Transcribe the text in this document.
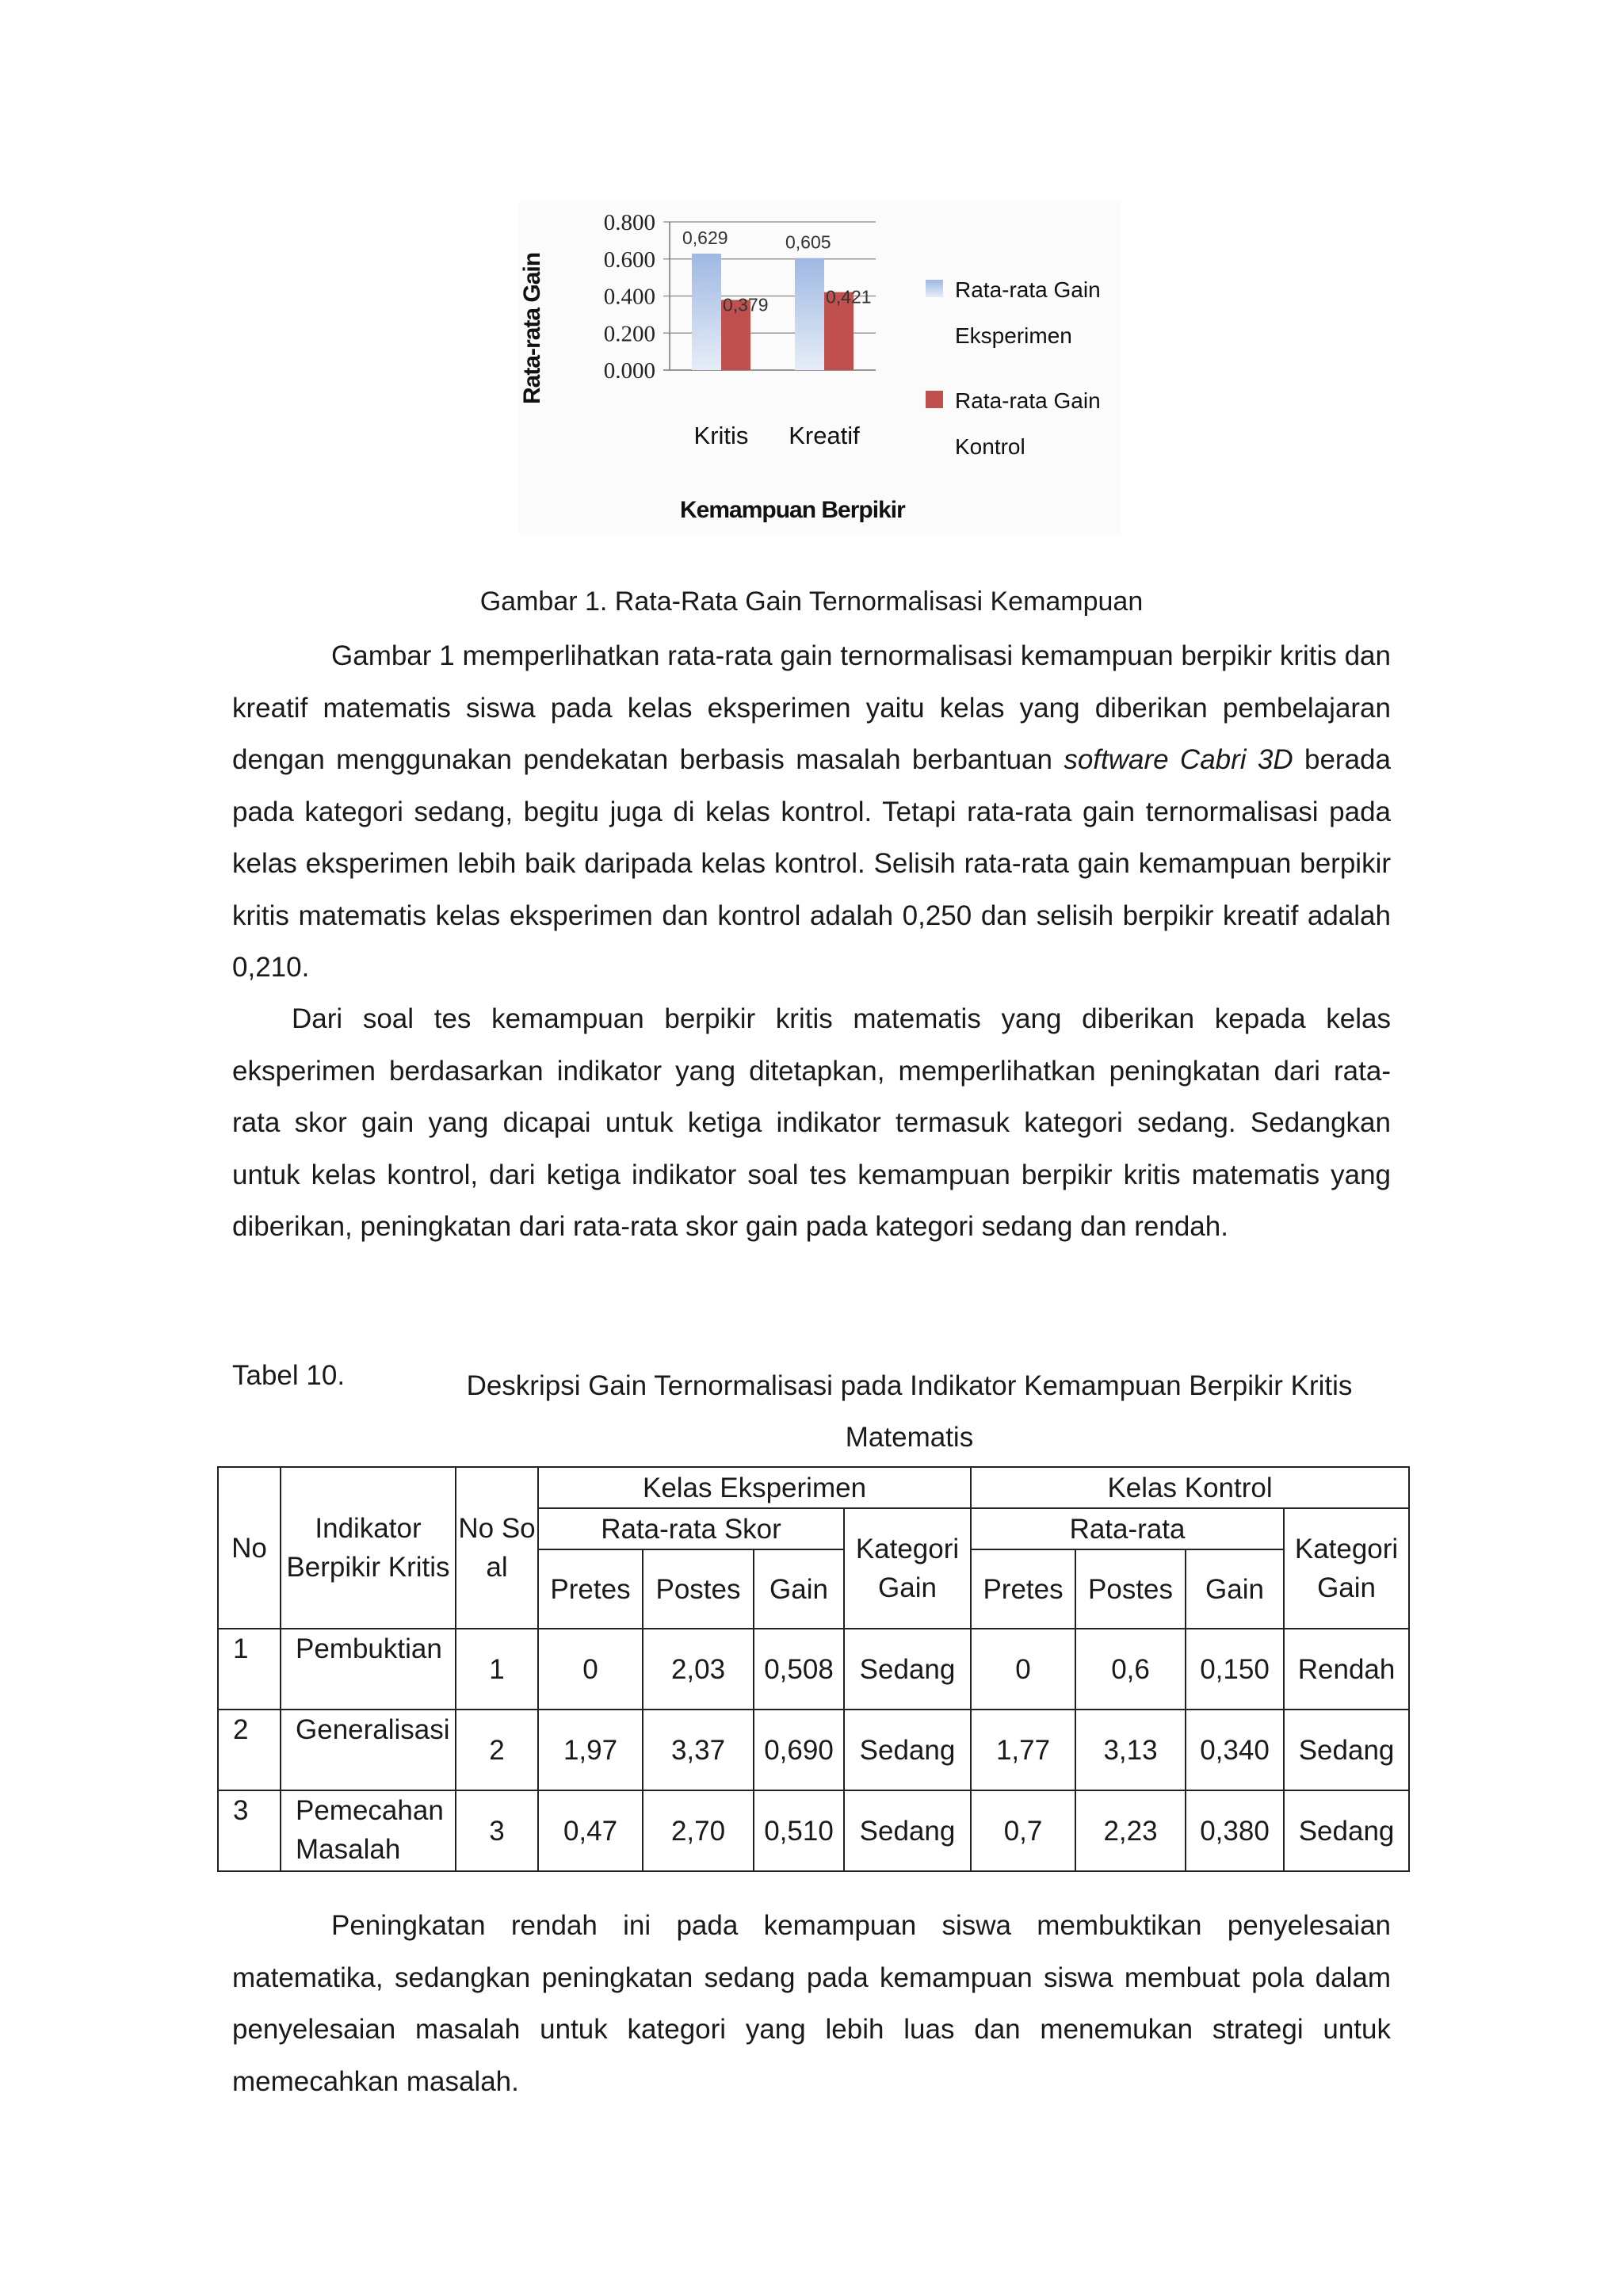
0.000
0.200
0.400
0.600
0.800
0,629
0,379
0,605
0,421
Kritis Kreatif
Rata-rata Gain
Kemampuan Berpikir
Rata-rata Gain
Eksperimen
Rata-rata Gain
Kontrol
Gambar 1. Rata-Rata Gain Ternormalisasi Kemampuan
Gambar 1 memperlihatkan rata-rata gain ternormalisasi kemampuan berpikir kritis dan kreatif matematis siswa pada kelas eksperimen yaitu kelas yang diberikan pembelajaran dengan menggunakan pendekatan berbasis masalah berbantuan software Cabri 3D berada pada kategori sedang, begitu juga di kelas kontrol. Tetapi rata-rata gain ternormalisasi pada kelas eksperimen lebih baik daripada kelas kontrol. Selisih rata-rata gain kemampuan berpikir kritis matematis kelas eksperimen dan kontrol adalah 0,250 dan selisih berpikir kreatif adalah 0,210.
Dari soal tes kemampuan berpikir kritis matematis yang diberikan kepada kelas eksperimen berdasarkan indikator yang ditetapkan, memperlihatkan peningkatan dari rata-rata skor gain yang dicapai untuk ketiga indikator termasuk kategori sedang. Sedangkan untuk kelas kontrol, dari ketiga indikator soal tes kemampuan berpikir kritis matematis yang diberikan, peningkatan dari rata-rata skor gain pada kategori sedang dan rendah.
Tabel 10.	Deskripsi Gain Ternormalisasi pada Indikator Kemampuan Berpikir Kritis Matematis
No	Indikator Berpikir Kritis	No Soal	Kelas Eksperimen				Kelas Kontrol			
			Rata-rata Skor			Kategori Gain	Rata-rata			Kategori Gain
			Pretes	Postes	Gain		Pretes	Postes	Gain	

1	Pembuktian	1	0	2,03	0,508	Sedang	0	0,6	0,150	Rendah
2	Generalisasi	2	1,97	3,37	0,690	Sedang	1,77	3,13	0,340	Sedang
3	Pemecahan Masalah	3	0,47	2,70	0,510	Sedang	0,7	2,23	0,380	Sedang
Peningkatan rendah ini pada kemampuan siswa membuktikan penyelesaian matematika, sedangkan peningkatan sedang pada kemampuan siswa membuat pola dalam penyelesaian masalah untuk kategori yang lebih luas dan menemukan strategi untuk memecahkan masalah.
